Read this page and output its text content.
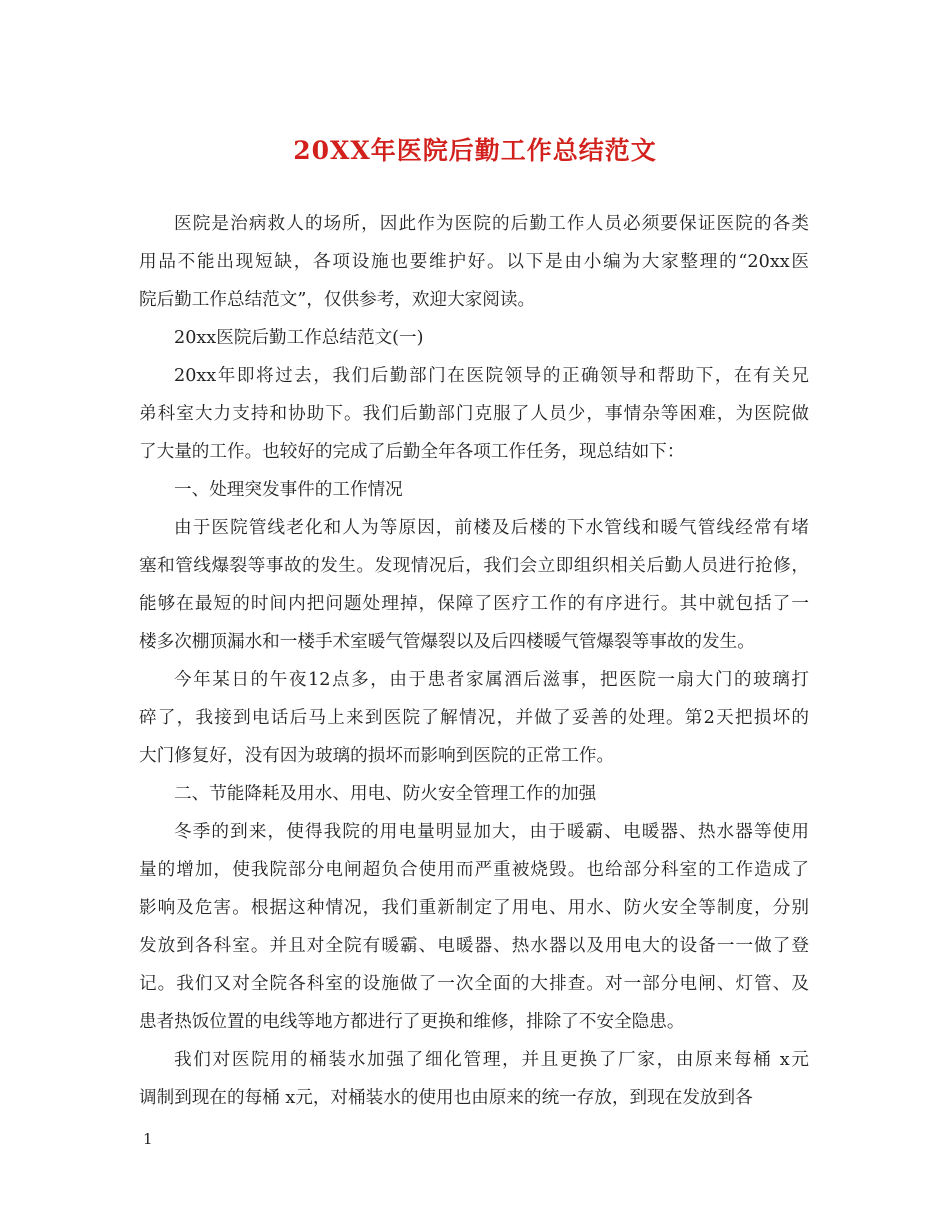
20XX年医院后勤工作总结范文
医院是治病救人的场所，因此作为医院的后勤工作人员必须要保证医院的各类
用品不能出现短缺，各项设施也要维护好。以下是由小编为大家整理的“20xx医
院后勤工作总结范文”，仅供参考，欢迎大家阅读。
20xx医院后勤工作总结范文(一)
20xx年即将过去，我们后勤部门在医院领导的正确领导和帮助下，在有关兄
弟科室大力支持和协助下。我们后勤部门克服了人员少，事情杂等困难，为医院做
了大量的工作。也较好的完成了后勤全年各项工作任务，现总结如下：
一、处理突发事件的工作情况
由于医院管线老化和人为等原因，前楼及后楼的下水管线和暖气管线经常有堵
塞和管线爆裂等事故的发生。发现情况后，我们会立即组织相关后勤人员进行抢修，
能够在最短的时间内把问题处理掉，保障了医疗工作的有序进行。其中就包括了一
楼多次棚顶漏水和一楼手术室暖气管爆裂以及后四楼暖气管爆裂等事故的发生。
今年某日的午夜12点多，由于患者家属酒后滋事，把医院一扇大门的玻璃打
碎了，我接到电话后马上来到医院了解情况，并做了妥善的处理。第2天把损坏的
大门修复好，没有因为玻璃的损坏而影响到医院的正常工作。
二、节能降耗及用水、用电、防火安全管理工作的加强
冬季的到来，使得我院的用电量明显加大，由于暖霸、电暖器、热水器等使用
量的增加，使我院部分电闸超负合使用而严重被烧毁。也给部分科室的工作造成了
影响及危害。根据这种情况，我们重新制定了用电、用水、防火安全等制度，分别
发放到各科室。并且对全院有暖霸、电暖器、热水器以及用电大的设备一一做了登
记。我们又对全院各科室的设施做了一次全面的大排查。对一部分电闸、灯管、及
患者热饭位置的电线等地方都进行了更换和维修，排除了不安全隐患。
我们对医院用的桶装水加强了细化管理，并且更换了厂家，由原来每桶 x元
调制到现在的每桶 x元，对桶装水的使用也由原来的统一存放，到现在发放到各
1
